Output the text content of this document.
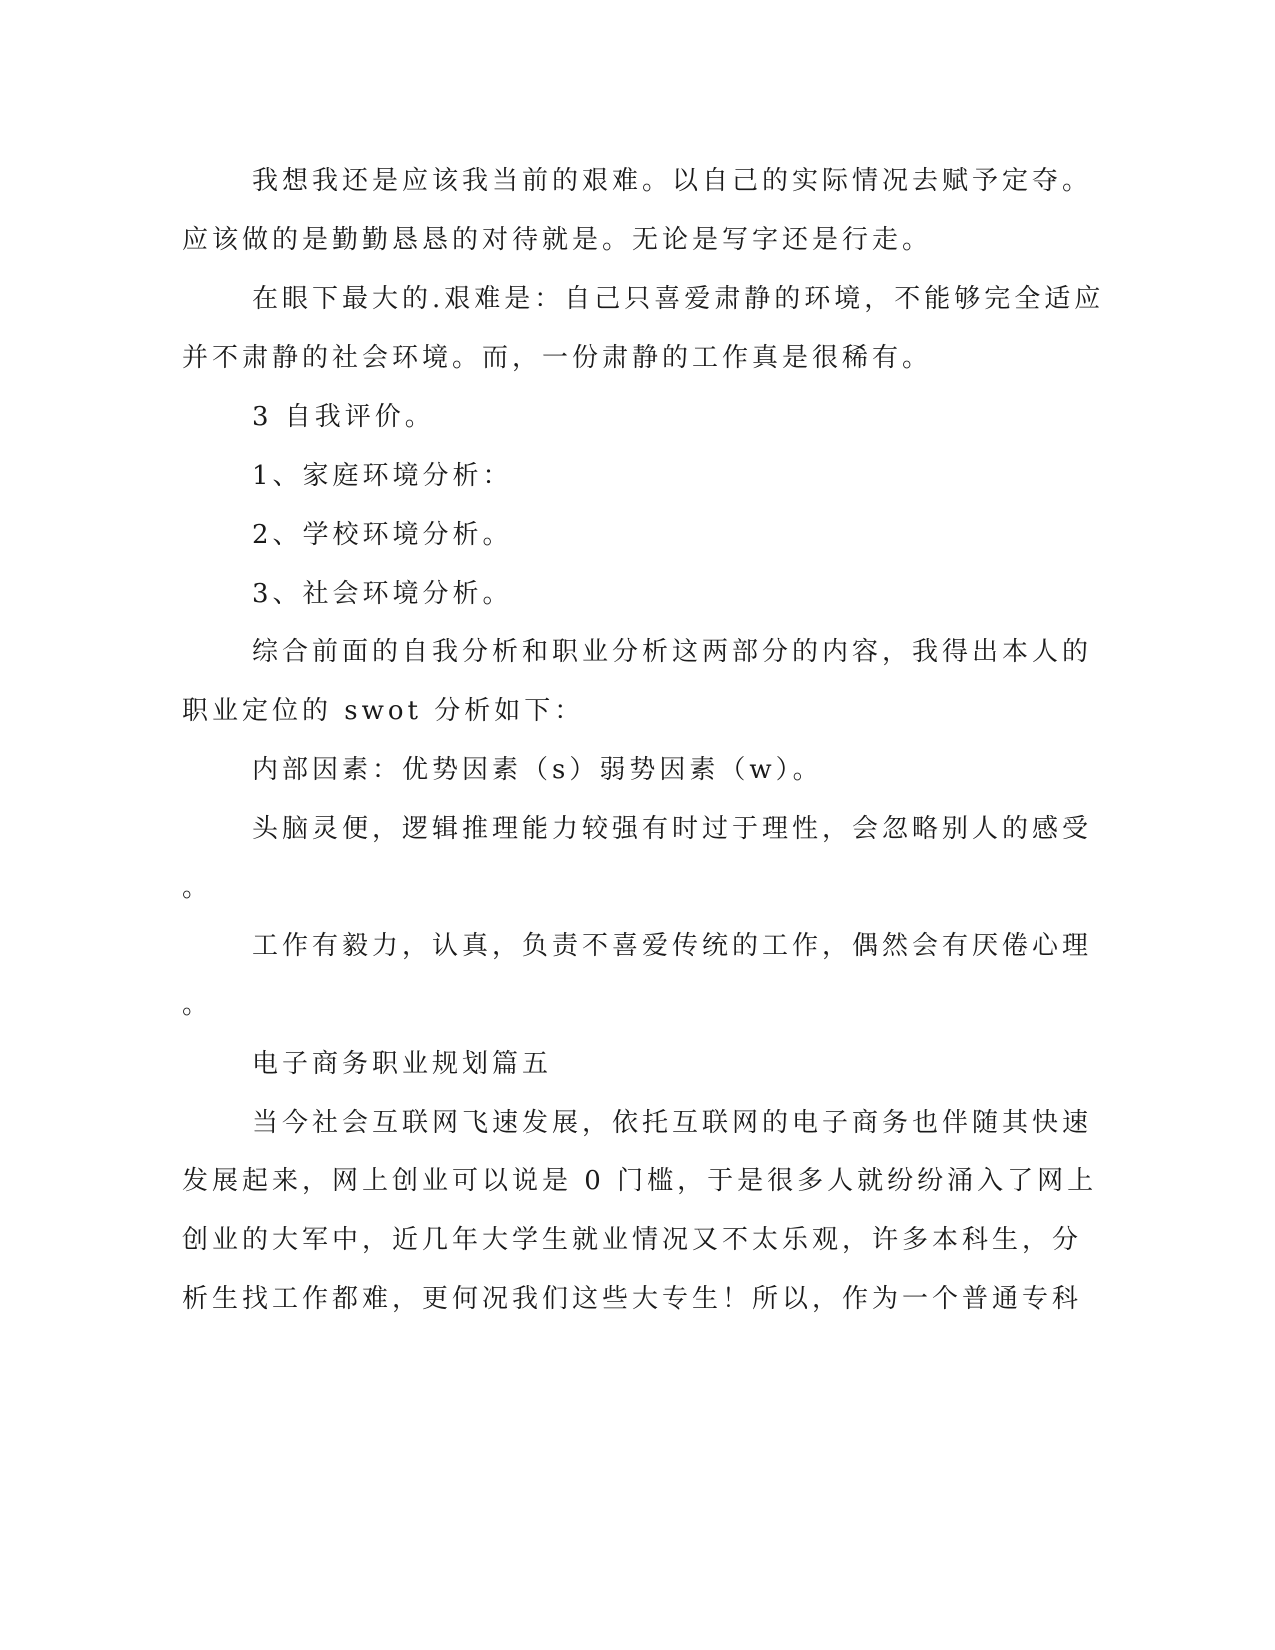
我想我还是应该我当前的艰难。以自己的实际情况去赋予定夺。
应该做的是勤勤恳恳的对待就是。无论是写字还是行走。
在眼下最大的.艰难是：自己只喜爱肃静的环境，不能够完全适应
并不肃静的社会环境。而，一份肃静的工作真是很稀有。
3 自我评价。
1、家庭环境分析：
2、学校环境分析。
3、社会环境分析。
综合前面的自我分析和职业分析这两部分的内容，我得出本人的
职业定位的 swot 分析如下：
内部因素：优势因素（s）弱势因素（w）。
头脑灵便，逻辑推理能力较强有时过于理性，会忽略别人的感受
。
工作有毅力，认真，负责不喜爱传统的工作，偶然会有厌倦心理
。
电子商务职业规划篇五
当今社会互联网飞速发展，依托互联网的电子商务也伴随其快速
发展起来，网上创业可以说是 0 门槛，于是很多人就纷纷涌入了网上
创业的大军中，近几年大学生就业情况又不太乐观，许多本科生，分
析生找工作都难，更何况我们这些大专生！所以，作为一个普通专科
